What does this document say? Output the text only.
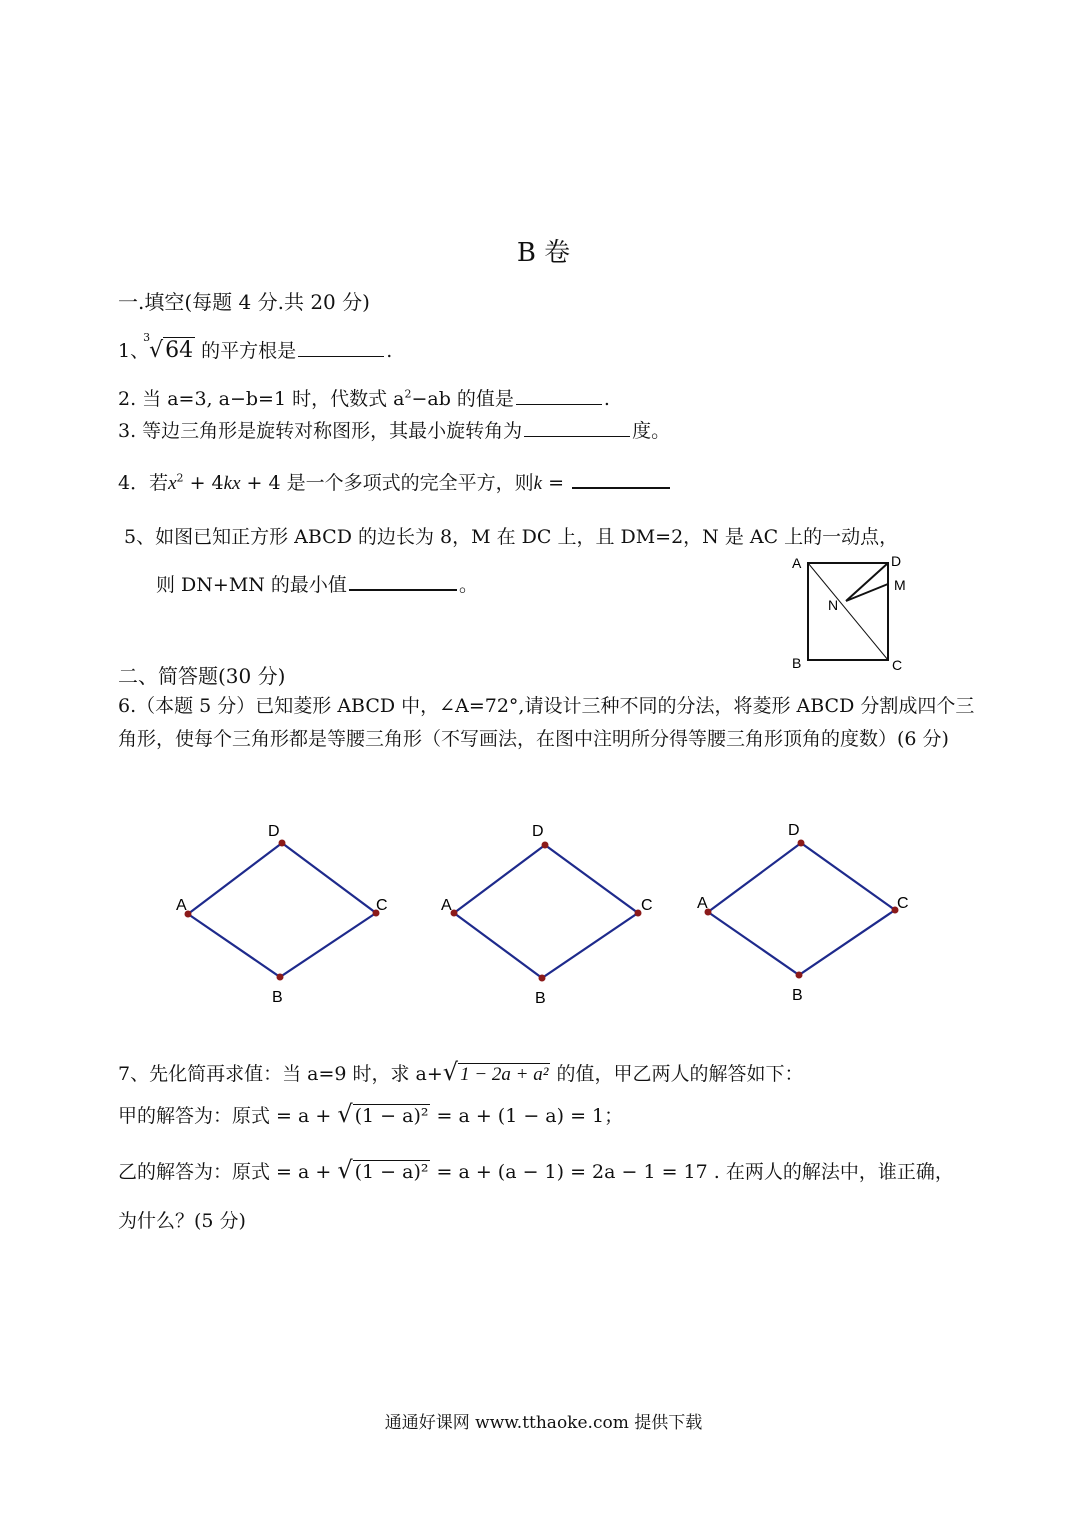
B 卷
一.填空(每题 4 分.共 20 分)
1、
3
√64 的平方根是	.
2. 当 a=3, a−b=1 时，代数式 $a^2-ab$ 的值是	.
3. 等边三角形是旋转对称图形，其最小旋转角为	度。
4．若$x^2 + 4kx + 4$ 是一个多项式的完全平方，则k =
5、如图已知正方形 ABCD 的边长为 8，M 在 DC 上，且 DM=2，N 是 AC 上的一动点，
则 DN+MN 的最小值	。
A
B	C
D
M
N
二、简答题(30 分)
6.（本题 5 分）已知菱形 ABCD 中，∠A=72°,请设计三种不同的分法，将菱形 ABCD 分割成四个三角形，使每个三角形都是等腰三角形（不写画法，在图中注明所分得等腰三角形顶角的度数）(6 分)
A
D
C
B
A
D
C
B
A
D
C
B
7、先化简再求值：当 a=9 时，求 a+√ 1 − 2a + a² 的值，甲乙两人的解答如下：
甲的解答为：原式 = a + √ (1 − a)² = a + (1 − a) = 1；
乙的解答为：原式 = a + √ (1 − a)² = a + (a − 1) = 2a − 1 = 17 . 在两人的解法中，谁正确，
为什么？(5 分)
通通好课网 www.tthaoke.com 提供下载
